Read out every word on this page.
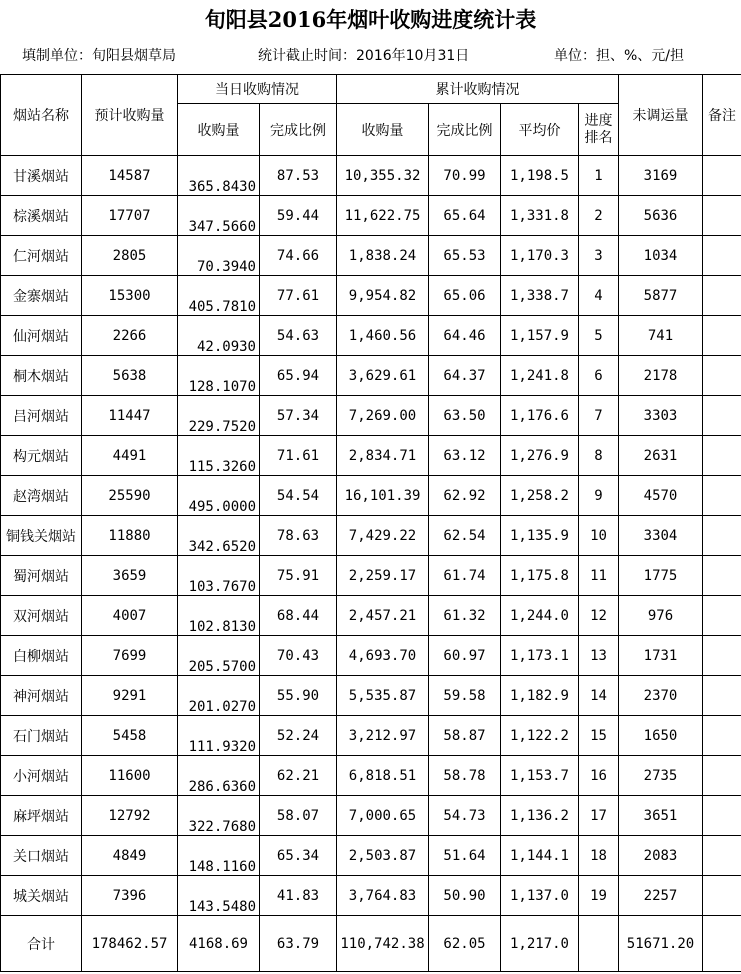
旬阳县2016年烟叶收购进度统计表
填制单位：旬阳县烟草局	统计截止时间：2016年10月31日	单位：担、%、元/担
烟站名称	预计收购量	当日收购情况		累计收购情况				未调运量	备注
		收购量	完成比例	收购量	完成比例	平均价	进度排名		
甘溪烟站	14587	365.8430	87.53	10,355.32	70.99	1,198.5	1	3169	
棕溪烟站	17707	347.5660	59.44	11,622.75	65.64	1,331.8	2	5636	
仁河烟站	2805	70.3940	74.66	1,838.24	65.53	1,170.3	3	1034	
金寨烟站	15300	405.7810	77.61	9,954.82	65.06	1,338.7	4	5877	
仙河烟站	2266	42.0930	54.63	1,460.56	64.46	1,157.9	5	741	
桐木烟站	5638	128.1070	65.94	3,629.61	64.37	1,241.8	6	2178	
吕河烟站	11447	229.7520	57.34	7,269.00	63.50	1,176.6	7	3303	
构元烟站	4491	115.3260	71.61	2,834.71	63.12	1,276.9	8	2631	
赵湾烟站	25590	495.0000	54.54	16,101.39	62.92	1,258.2	9	4570	
铜钱关烟站	11880	342.6520	78.63	7,429.22	62.54	1,135.9	10	3304	
蜀河烟站	3659	103.7670	75.91	2,259.17	61.74	1,175.8	11	1775	
双河烟站	4007	102.8130	68.44	2,457.21	61.32	1,244.0	12	976	
白柳烟站	7699	205.5700	70.43	4,693.70	60.97	1,173.1	13	1731	
神河烟站	9291	201.0270	55.90	5,535.87	59.58	1,182.9	14	2370	
石门烟站	5458	111.9320	52.24	3,212.97	58.87	1,122.2	15	1650	
小河烟站	11600	286.6360	62.21	6,818.51	58.78	1,153.7	16	2735	
麻坪烟站	12792	322.7680	58.07	7,000.65	54.73	1,136.2	17	3651	
关口烟站	4849	148.1160	65.34	2,503.87	51.64	1,144.1	18	2083	
城关烟站	7396	143.5480	41.83	3,764.83	50.90	1,137.0	19	2257	
合计	178462.57	4168.69	63.79	110,742.38	62.05	1,217.0		51671.20	
